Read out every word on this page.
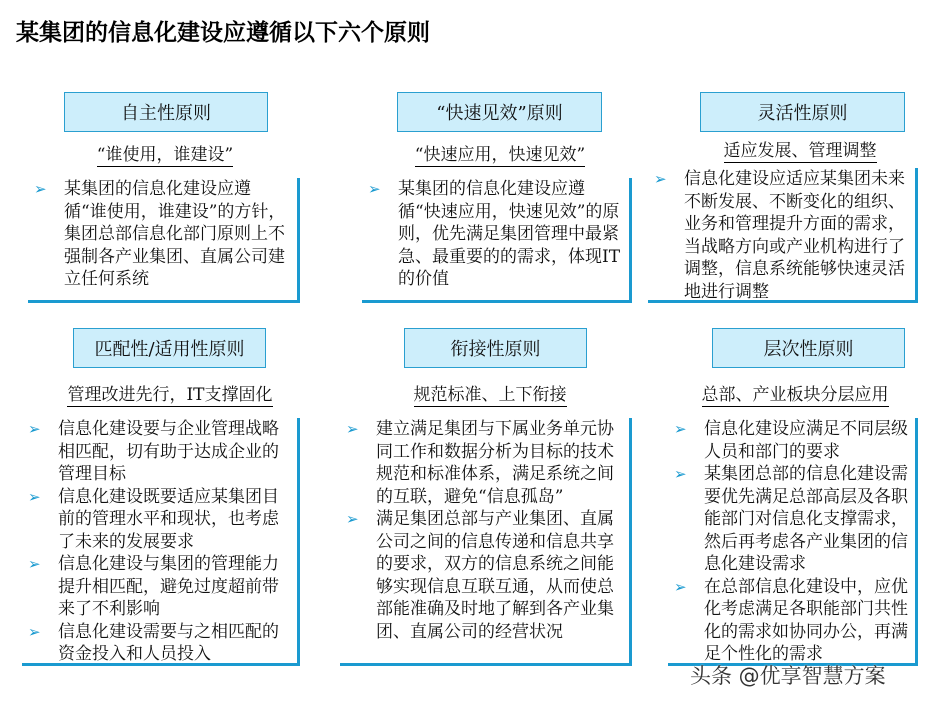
某集团的信息化建设应遵循以下六个原则
自主性原则
“谁使用，谁建设”
➢ 某集团的信息化建设应遵循“谁使用，谁建设”的方针，集团总部信息化部门原则上不强制各产业集团、直属公司建立任何系统
“快速见效”原则
“快速应用，快速见效”
➢ 某集团的信息化建设应遵循“快速应用，快速见效”的原则，优先满足集团管理中最紧急、最重要的的需求，体现IT的价值
灵活性原则
适应发展、管理调整
➢ 信息化建设应适应某集团未来不断发展、不断变化的组织、业务和管理提升方面的需求，当战略方向或产业机构进行了调整，信息系统能够快速灵活地进行调整
匹配性/适用性原则
管理改进先行，IT支撑固化
➢ 信息化建设要与企业管理战略相匹配，切有助于达成企业的管理目标
➢ 信息化建设既要适应某集团目前的管理水平和现状，也考虑了未来的发展要求
➢ 信息化建设与集团的管理能力提升相匹配，避免过度超前带来了不利影响
➢ 信息化建设需要与之相匹配的资金投入和人员投入
衔接性原则
规范标准、上下衔接
➢ 建立满足集团与下属业务单元协同工作和数据分析为目标的技术规范和标准体系，满足系统之间的互联，避免“信息孤岛”
➢ 满足集团总部与产业集团、直属公司之间的信息传递和信息共享的要求，双方的信息系统之间能够实现信息互联互通，从而使总部能准确及时地了解到各产业集团、直属公司的经营状况
层次性原则
总部、产业板块分层应用
➢ 信息化建设应满足不同层级人员和部门的要求
➢ 某集团总部的信息化建设需要优先满足总部高层及各职能部门对信息化支撑需求，然后再考虑各产业集团的信息化建设需求
➢ 在总部信息化建设中，应优化考虑满足各职能部门共性化的需求如协同办公，再满足个性化的需求
头条 @优享智慧方案
